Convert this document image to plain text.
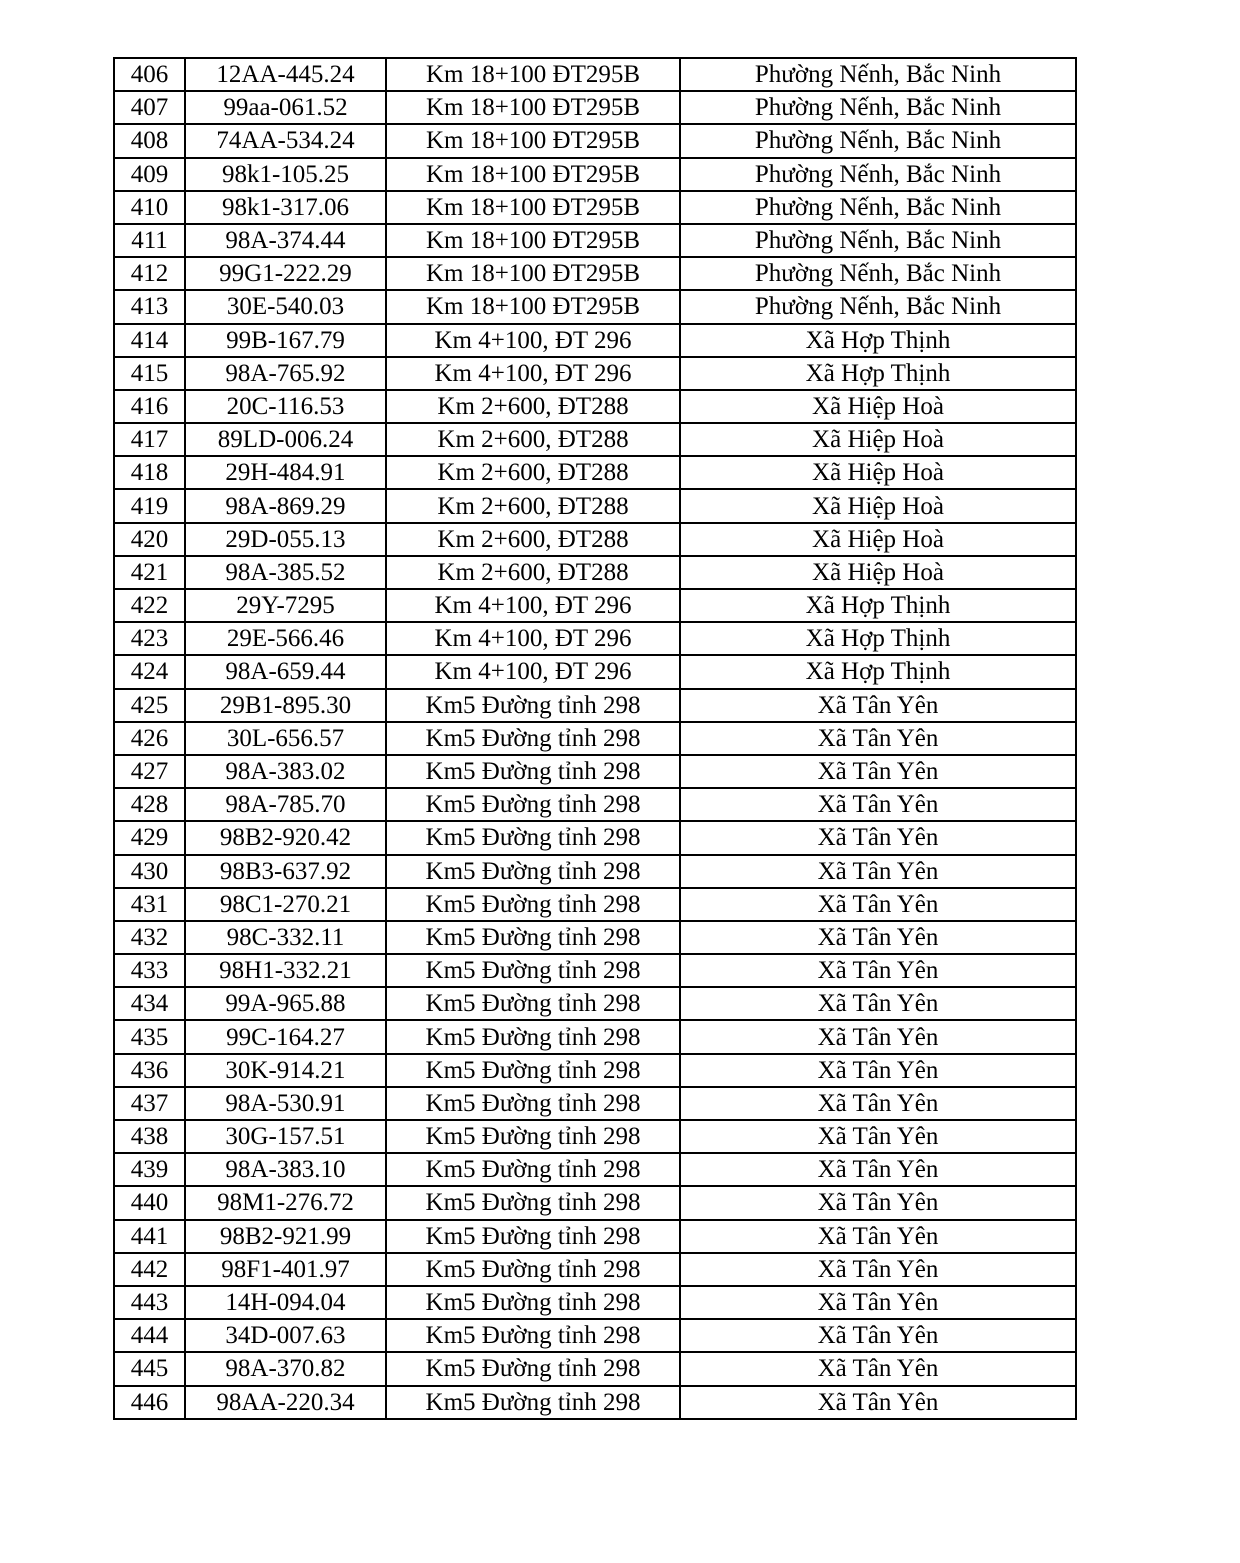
406	12AA-445.24	Km 18+100 ĐT295B	Phường Nếnh, Bắc Ninh
407	99aa-061.52	Km 18+100 ĐT295B	Phường Nếnh, Bắc Ninh
408	74AA-534.24	Km 18+100 ĐT295B	Phường Nếnh, Bắc Ninh
409	98k1-105.25	Km 18+100 ĐT295B	Phường Nếnh, Bắc Ninh
410	98k1-317.06	Km 18+100 ĐT295B	Phường Nếnh, Bắc Ninh
411	98A-374.44	Km 18+100 ĐT295B	Phường Nếnh, Bắc Ninh
412	99G1-222.29	Km 18+100 ĐT295B	Phường Nếnh, Bắc Ninh
413	30E-540.03	Km 18+100 ĐT295B	Phường Nếnh, Bắc Ninh
414	99B-167.79	Km 4+100, ĐT 296	Xã Hợp Thịnh
415	98A-765.92	Km 4+100, ĐT 296	Xã Hợp Thịnh
416	20C-116.53	Km 2+600, ĐT288	Xã Hiệp Hoà
417	89LD-006.24	Km 2+600, ĐT288	Xã Hiệp Hoà
418	29H-484.91	Km 2+600, ĐT288	Xã Hiệp Hoà
419	98A-869.29	Km 2+600, ĐT288	Xã Hiệp Hoà
420	29D-055.13	Km 2+600, ĐT288	Xã Hiệp Hoà
421	98A-385.52	Km 2+600, ĐT288	Xã Hiệp Hoà
422	29Y-7295	Km 4+100, ĐT 296	Xã Hợp Thịnh
423	29E-566.46	Km 4+100, ĐT 296	Xã Hợp Thịnh
424	98A-659.44	Km 4+100, ĐT 296	Xã Hợp Thịnh
425	29B1-895.30	Km5 Đường tỉnh 298	Xã Tân Yên
426	30L-656.57	Km5 Đường tỉnh 298	Xã Tân Yên
427	98A-383.02	Km5 Đường tỉnh 298	Xã Tân Yên
428	98A-785.70	Km5 Đường tỉnh 298	Xã Tân Yên
429	98B2-920.42	Km5 Đường tỉnh 298	Xã Tân Yên
430	98B3-637.92	Km5 Đường tỉnh 298	Xã Tân Yên
431	98C1-270.21	Km5 Đường tỉnh 298	Xã Tân Yên
432	98C-332.11	Km5 Đường tỉnh 298	Xã Tân Yên
433	98H1-332.21	Km5 Đường tỉnh 298	Xã Tân Yên
434	99A-965.88	Km5 Đường tỉnh 298	Xã Tân Yên
435	99C-164.27	Km5 Đường tỉnh 298	Xã Tân Yên
436	30K-914.21	Km5 Đường tỉnh 298	Xã Tân Yên
437	98A-530.91	Km5 Đường tỉnh 298	Xã Tân Yên
438	30G-157.51	Km5 Đường tỉnh 298	Xã Tân Yên
439	98A-383.10	Km5 Đường tỉnh 298	Xã Tân Yên
440	98M1-276.72	Km5 Đường tỉnh 298	Xã Tân Yên
441	98B2-921.99	Km5 Đường tỉnh 298	Xã Tân Yên
442	98F1-401.97	Km5 Đường tỉnh 298	Xã Tân Yên
443	14H-094.04	Km5 Đường tỉnh 298	Xã Tân Yên
444	34D-007.63	Km5 Đường tỉnh 298	Xã Tân Yên
445	98A-370.82	Km5 Đường tỉnh 298	Xã Tân Yên
446	98AA-220.34	Km5 Đường tỉnh 298	Xã Tân Yên
